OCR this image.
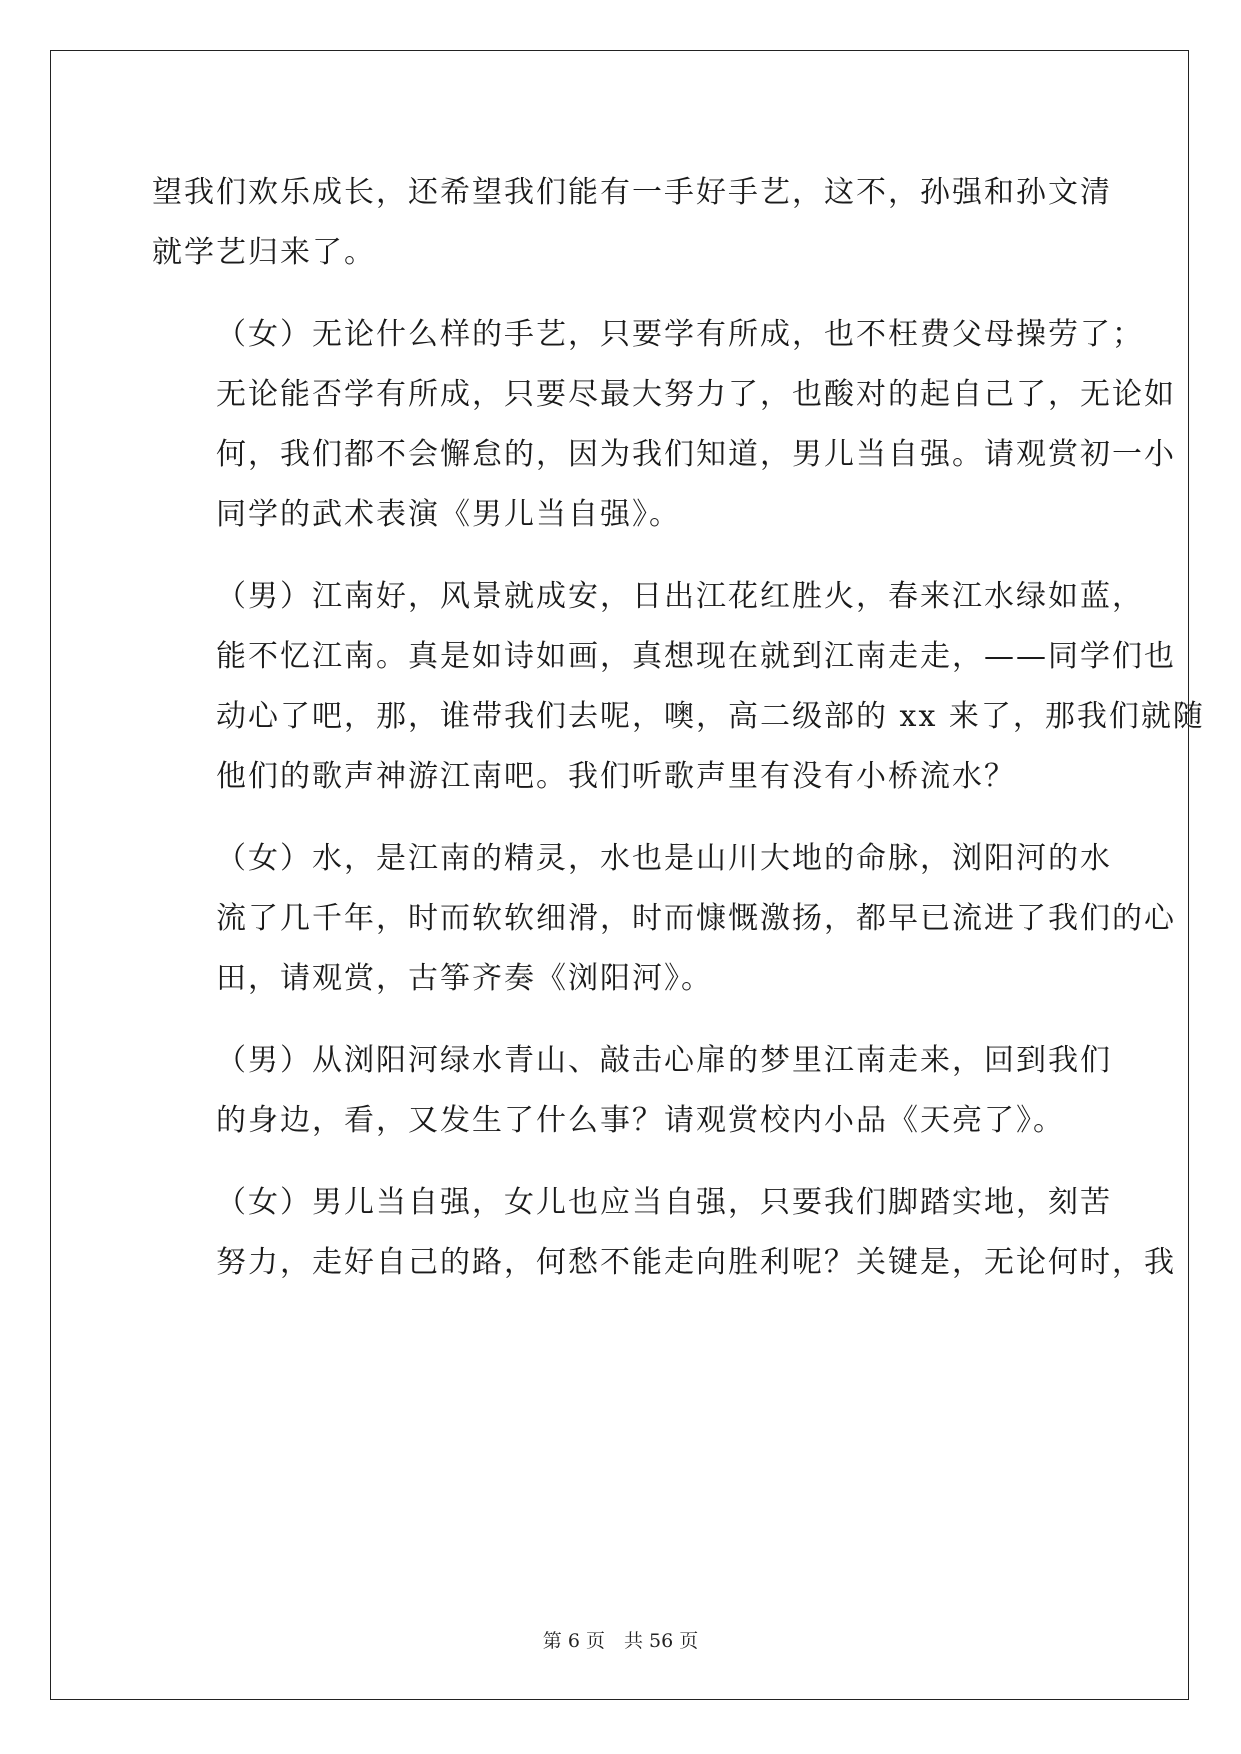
望我们欢乐成长，还希望我们能有一手好手艺，这不，孙强和孙文清
就学艺归来了。

（女）无论什么样的手艺，只要学有所成，也不枉费父母操劳了；
无论能否学有所成，只要尽最大努力了，也酸对的起自己了，无论如
何，我们都不会懈怠的，因为我们知道，男儿当自强。请观赏初一小
同学的武术表演《男儿当自强》。

（男）江南好，风景就成安，日出江花红胜火，春来江水绿如蓝，
能不忆江南。真是如诗如画，真想现在就到江南走走，——同学们也
动心了吧，那，谁带我们去呢，噢，高二级部的 xx 来了，那我们就随
他们的歌声神游江南吧。我们听歌声里有没有小桥流水？

（女）水，是江南的精灵，水也是山川大地的命脉，浏阳河的水
流了几千年，时而软软细滑，时而慷慨激扬，都早已流进了我们的心
田，请观赏，古筝齐奏《浏阳河》。

（男）从浏阳河绿水青山、敲击心扉的梦里江南走来，回到我们
的身边，看，又发生了什么事？请观赏校内小品《天亮了》。

（女）男儿当自强，女儿也应当自强，只要我们脚踏实地，刻苦
努力，走好自己的路，何愁不能走向胜利呢？关键是，无论何时，我

第 6 页　共 56 页
